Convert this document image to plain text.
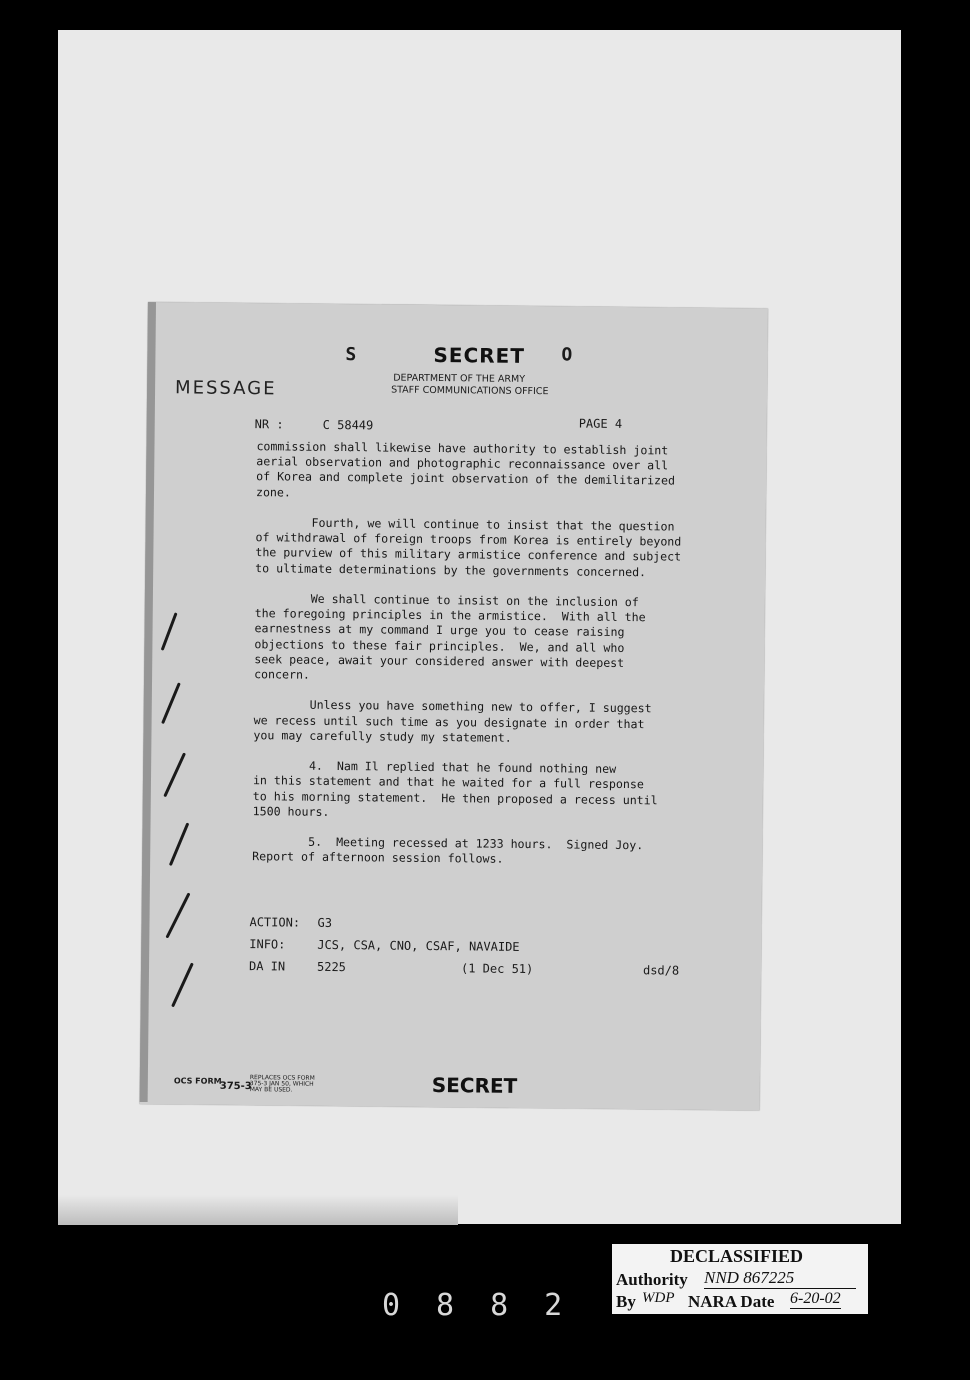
S	SECRET O
DEPARTMENT OF THE ARMY
STAFF COMMUNICATIONS OFFICE
MESSAGE
NR :	C 58449	PAGE 4
commission shall likewise have authority to establish joint
aerial observation and photographic reconnaissance over all
of Korea and complete joint observation of the demilitarized
zone.

Fourth, we will continue to insist that the question
of withdrawal of foreign troops from Korea is entirely beyond
the purview of this military armistice conference and subject
to ultimate determinations by the governments concerned.

We shall continue to insist on the inclusion of
the foregoing principles in the armistice.  With all the
earnestness at my command I urge you to cease raising
objections to these fair principles.  We, and all who
seek peace, await your considered answer with deepest
concern.

Unless you have something new to offer, I suggest
we recess until such time as you designate in order that
you may carefully study my statement.

4.  Nam Il replied that he found nothing new
in this statement and that he waited for a full response
to his morning statement.  He then proposed a recess until
1500 hours.

5.  Meeting recessed at 1233 hours.  Signed Joy.
Report of afternoon session follows.
ACTION: G3
INFO:	JCS, CSA, CNO, CSAF, NAVAIDE
DA IN	5225	(1 Dec 51)	dsd/8
OCS FORM
375-3
REPLACES OCS FORM
375-3 JAN 50, WHICH
MAY BE USED.	SECRET
0882
DECLASSIFIED
Authority NND 867225
By WDP NARA Date 6-20-02
